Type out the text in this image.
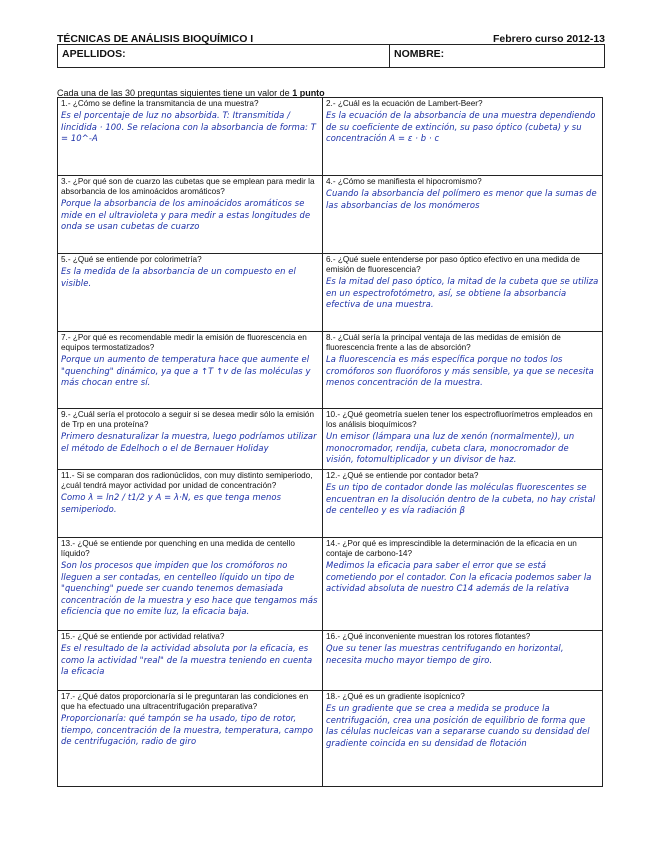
TÉCNICAS DE ANÁLISIS BIOQUÍMICO I	Febrero curso 2012-13
APELLIDOS:	NOMBRE:
Cada una de las 30 preguntas siguientes tiene un valor de 1 punto
1.- ¿Cómo se define la transmitancia de una muestra?
Es el porcentaje de luz no absorbida. T: Itransmitida / Iincidida · 100. Se relaciona con la absorbancia de forma: T = 10^-A
2.- ¿Cuál es la ecuación de Lambert-Beer?
Es la ecuación de la absorbancia de una muestra dependiendo de su coeficiente de extinción, su paso óptico (cubeta) y su concentración A = ε · b · c
3.- ¿Por qué son de cuarzo las cubetas que se emplean para medir la absorbancia de los aminoácidos aromáticos?
Porque la absorbancia de los aminoácidos aromáticos se mide en el ultravioleta y para medir a estas longitudes de onda se usan cubetas de cuarzo
4.- ¿Cómo se manifiesta el hipocromismo?
Cuando la absorbancia del polímero es menor que la sumas de las absorbancias de los monómeros
5.- ¿Qué se entiende por colorimetría?
Es la medida de la absorbancia de un compuesto en el visible.
6.- ¿Qué suele entenderse por paso óptico efectivo en una medida de emisión de fluorescencia?
Es la mitad del paso óptico, la mitad de la cubeta que se utiliza en un espectrofotómetro, así, se obtiene la absorbancia efectiva de una muestra.
7.- ¿Por qué es recomendable medir la emisión de fluorescencia en equipos termostatizados?
Porque un aumento de temperatura hace que aumente el "quenching" dinámico, ya que a ↑T ↑v de las moléculas y más chocan entre sí.
8.- ¿Cuál sería la principal ventaja de las medidas de emisión de fluorescencia frente a las de absorción?
La fluorescencia es más específica porque no todos los cromóforos son fluoróforos y más sensible, ya que se necesita menos concentración de la muestra.
9.- ¿Cuál sería el protocolo a seguir si se desea medir sólo la emisión de Trp en una proteína?
Primero desnaturalizar la muestra, luego podríamos utilizar el método de Edelhoch o el de Bernauer Holiday
10.- ¿Qué geometría suelen tener los espectrofluorímetros empleados en los análisis bioquímicos?
Un emisor (lámpara una luz de xenón (normalmente)), un monocromador, rendija, cubeta clara, monocromador de visión, fotomultiplicador y un divisor de haz.
11.- Si se comparan dos radionúclidos, con muy distinto semiperiodo, ¿cuál tendrá mayor actividad por unidad de concentración?
Como λ = ln2 / t1/2 y A = λ·N, es que tenga menos semiperiodo.
12.- ¿Qué se entiende por contador beta?
Es un tipo de contador donde las moléculas fluorescentes se encuentran en la disolución dentro de la cubeta, no hay cristal de centelleo y es vía radiación β
13.- ¿Qué se entiende por quenching en una medida de centello líquido?
Son los procesos que impiden que los cromóforos no lleguen a ser contadas, en centelleo líquido un tipo de "quenching" puede ser cuando tenemos demasiada concentración de la muestra y eso hace que tengamos más eficiencia que no emite luz, la eficacia baja.
14.- ¿Por qué es imprescindible la determinación de la eficacia en un contaje de carbono-14?
Medimos la eficacia para saber el error que se está cometiendo por el contador. Con la eficacia podemos saber la actividad absoluta de nuestro C14 además de la relativa
15.- ¿Qué se entiende por actividad relativa?
Es el resultado de la actividad absoluta por la eficacia, es como la actividad "real" de la muestra teniendo en cuenta la eficacia
16.- ¿Qué inconveniente muestran los rotores flotantes?
Que su tener las muestras centrifugando en horizontal, necesita mucho mayor tiempo de giro.
17.- ¿Qué datos proporcionaría si le preguntaran las condiciones en que ha efectuado una ultracentrifugación preparativa?
Proporcionaría: qué tampón se ha usado, tipo de rotor, tiempo, concentración de la muestra, temperatura, campo de centrifugación, radio de giro
18.- ¿Qué es un gradiente isopícnico?
Es un gradiente que se crea a medida se produce la centrifugación, crea una posición de equilibrio de forma que las células nucleicas van a separarse cuando su densidad del gradiente coincida en su densidad de flotación
